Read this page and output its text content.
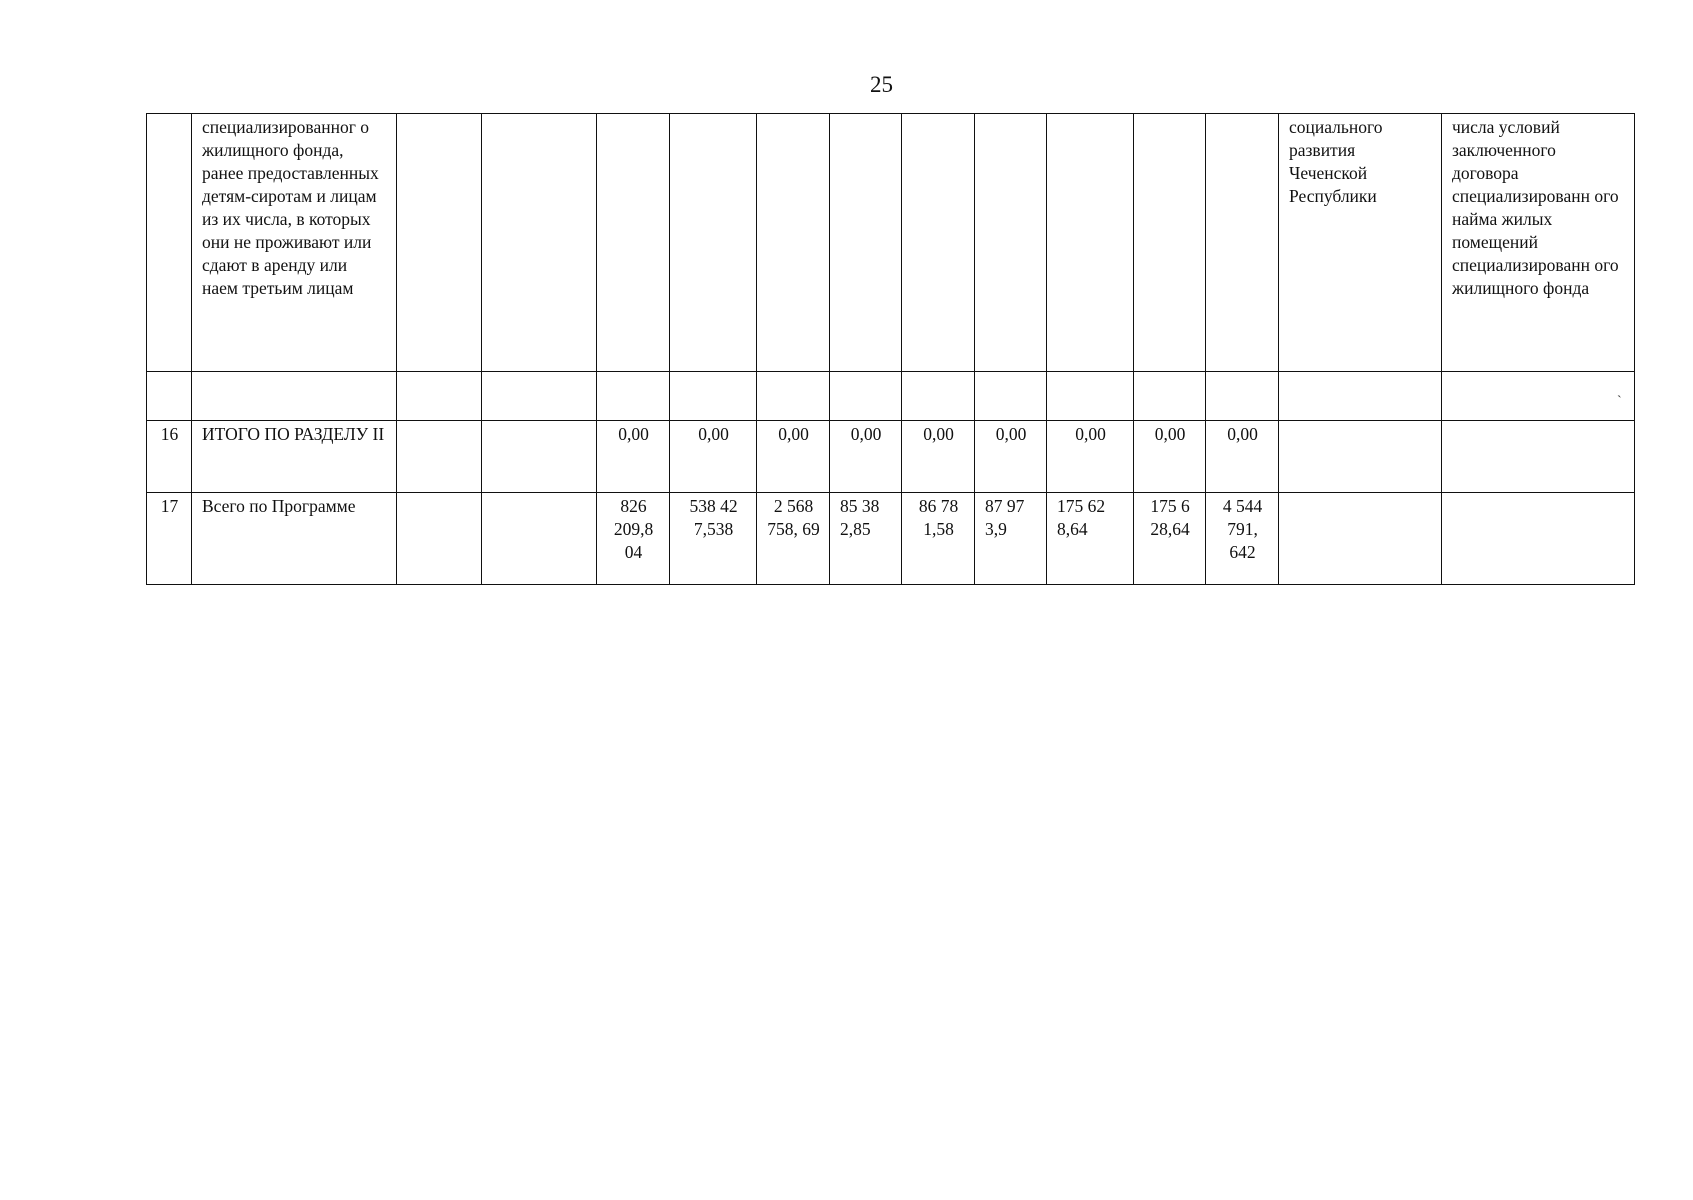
25
	специализированног о жилищного фонда, ранее предоставленных детям-сиротам и лицам из их числа, в которых они не проживают или сдают в аренду или наем третьим лицам												социального развития Чеченской Республики	числа условий заключенного договора специализированн ого найма жилых помещений специализированн ого жилищного фонда

16	ИТОГО ПО РАЗДЕЛУ II			0,00	0,00	0,00	0,00	0,00	0,00	0,00	0,00	0,00		
17	Всего по Программе			826 209,8 04	538 42 7,538	2 568 758, 69	85 38 2,85	86 78 1,58	87 97 3,9	175 62 8,64	175 6 28,64	4 544 791, 642		
`
